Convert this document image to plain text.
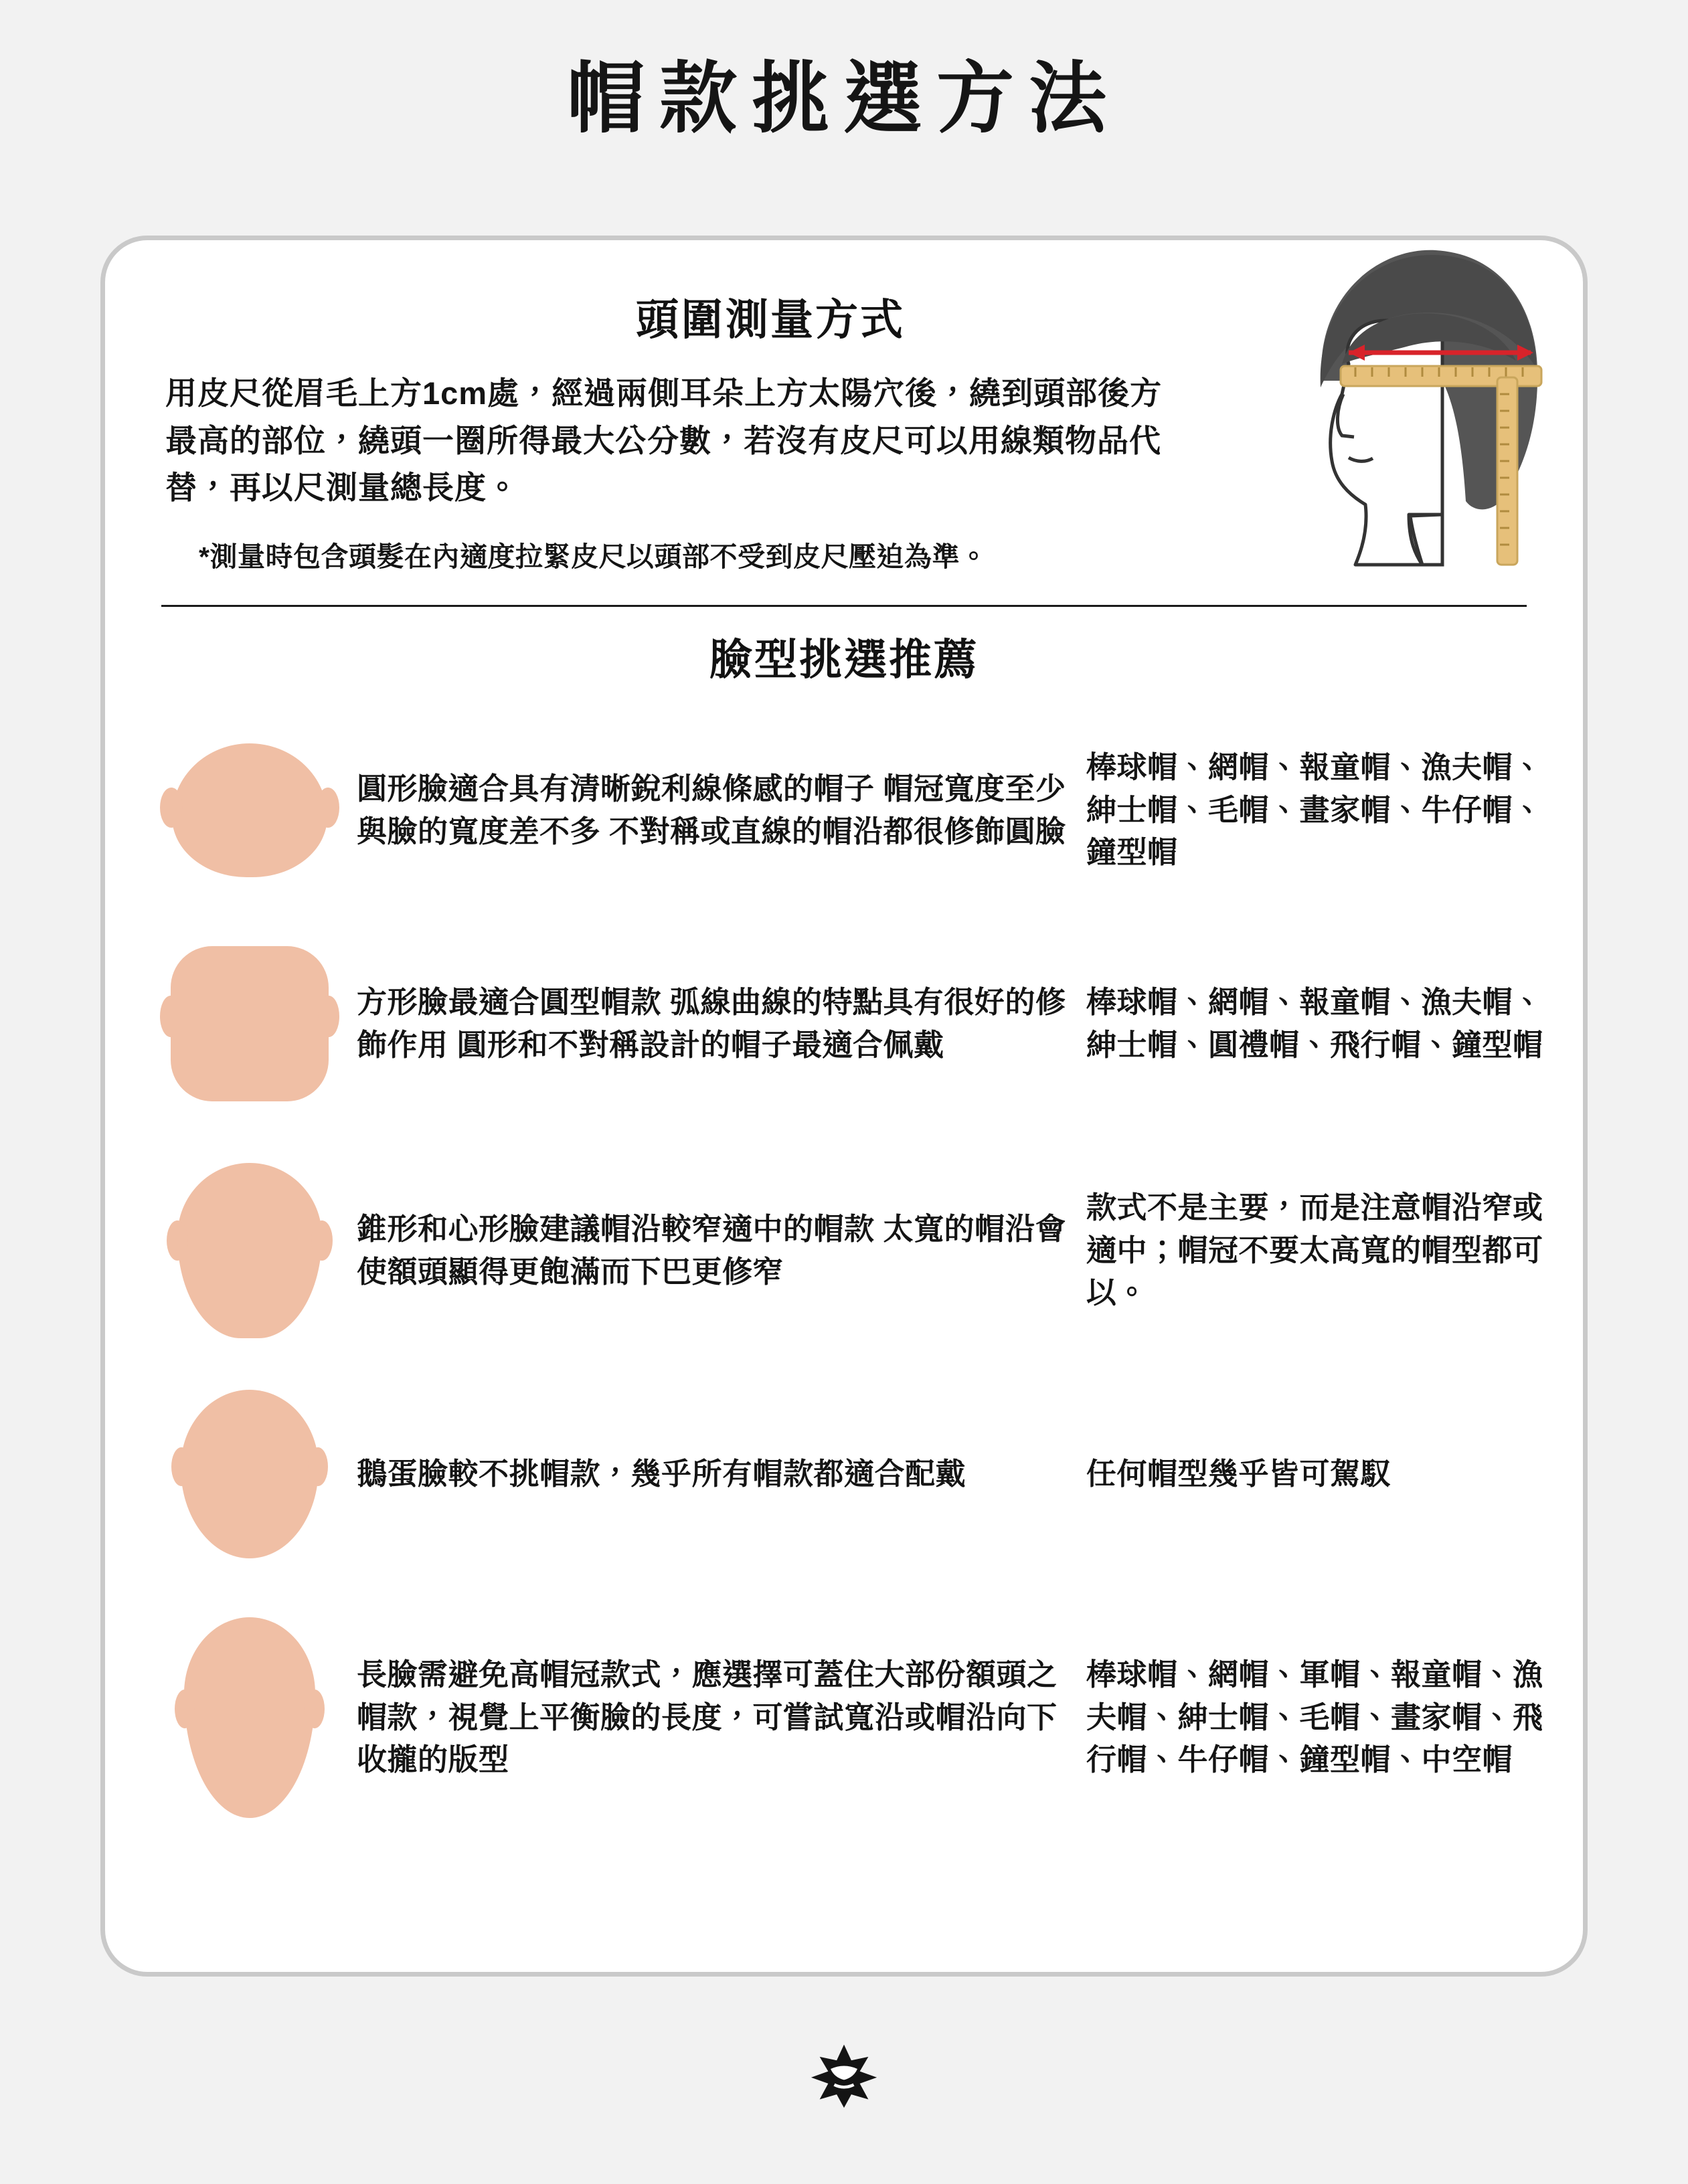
帽款挑選方法
頭圍測量方式
用皮尺從眉毛上方1cm處，經過兩側耳朵上方太陽穴後，繞到頭部後方最高的部位，繞頭一圈所得最大公分數，若沒有皮尺可以用線類物品代替，再以尺測量總長度。
*測量時包含頭髮在內適度拉緊皮尺以頭部不受到皮尺壓迫為準。
臉型挑選推薦
圓形臉適合具有清晰銳利線條感的帽子 帽冠寬度至少與臉的寬度差不多 不對稱或直線的帽沿都很修飾圓臉
棒球帽、網帽、報童帽、漁夫帽、紳士帽、毛帽、畫家帽、牛仔帽、鐘型帽
方形臉最適合圓型帽款 弧線曲線的特點具有很好的修飾作用 圓形和不對稱設計的帽子最適合佩戴
棒球帽、網帽、報童帽、漁夫帽、紳士帽、圓禮帽、飛行帽、鐘型帽
錐形和心形臉建議帽沿較窄適中的帽款 太寬的帽沿會使額頭顯得更飽滿而下巴更修窄
款式不是主要，而是注意帽沿窄或適中；帽冠不要太高寬的帽型都可以。
鵝蛋臉較不挑帽款，幾乎所有帽款都適合配戴	任何帽型幾乎皆可駕馭
長臉需避免高帽冠款式，應選擇可蓋住大部份額頭之帽款，視覺上平衡臉的長度，可嘗試寬沿或帽沿向下收攏的版型
棒球帽、網帽、軍帽、報童帽、漁夫帽、紳士帽、毛帽、畫家帽、飛行帽、牛仔帽、鐘型帽、中空帽
